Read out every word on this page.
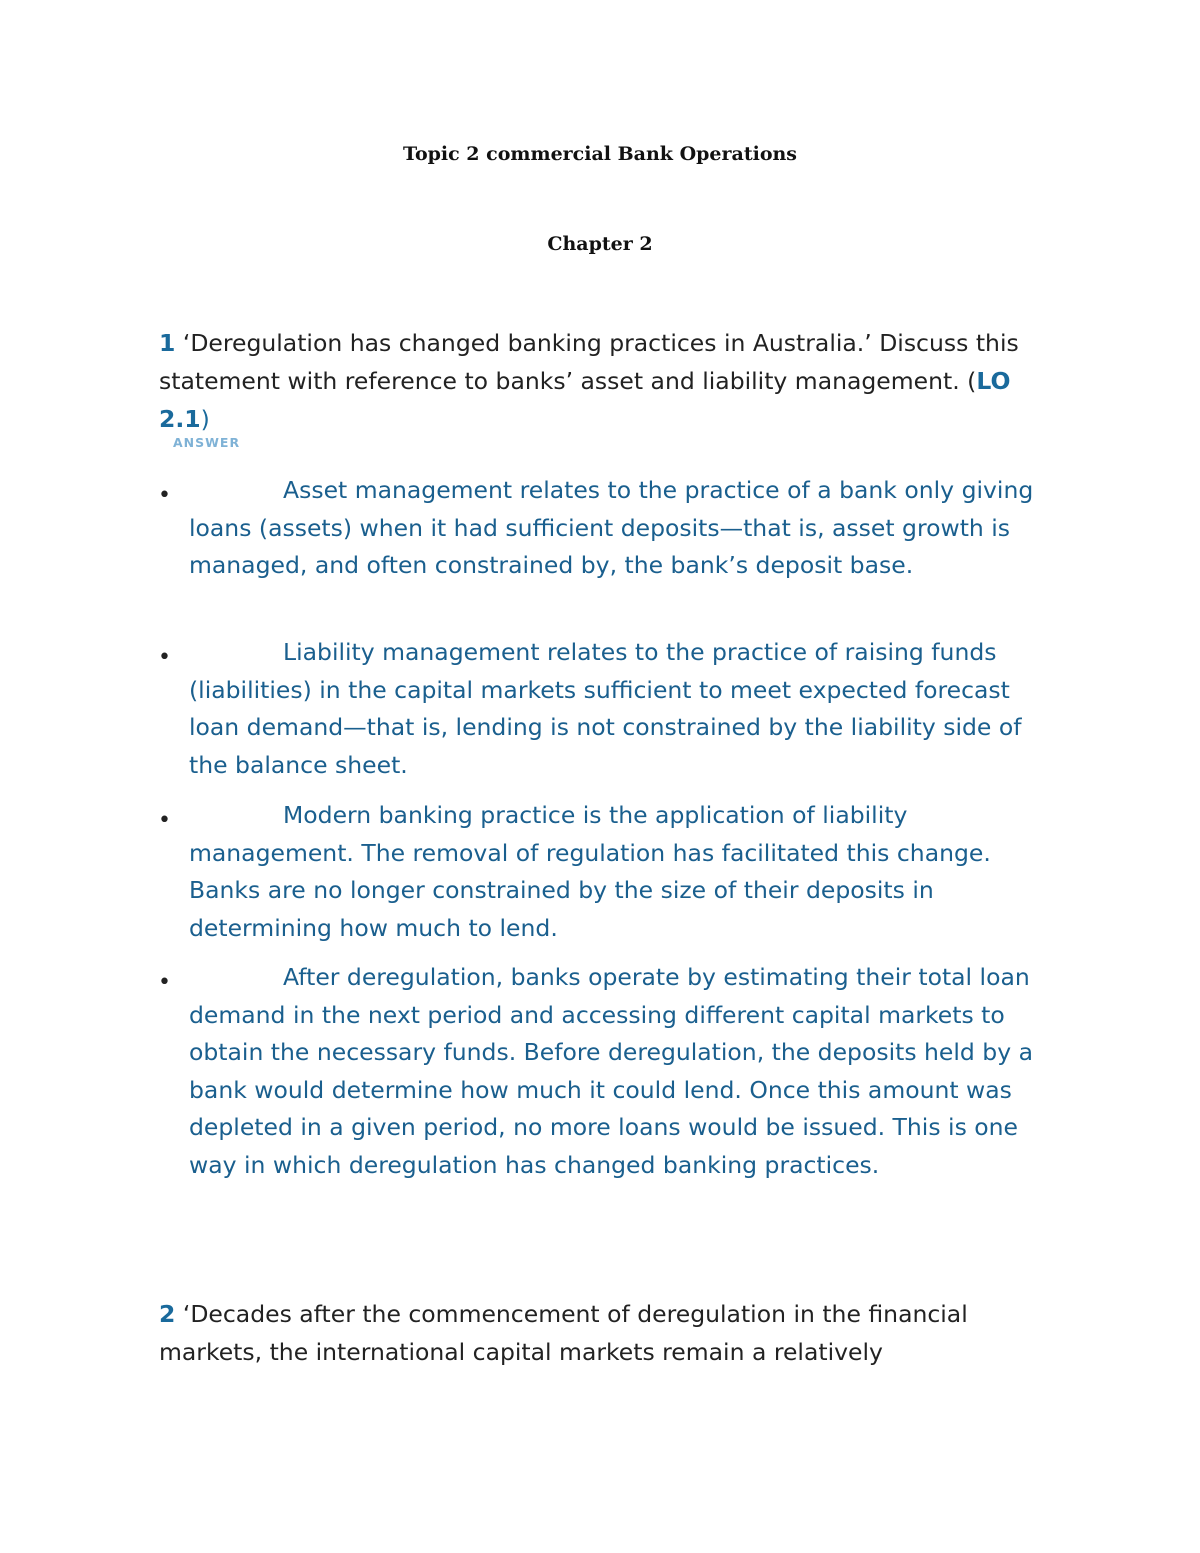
Topic 2 commercial Bank Operations
Chapter 2

1 ‘Deregulation has changed banking practices in Australia.’ Discuss this statement with reference to banks’ asset and liability management. (LO 2.1)

ANSWER

•	Asset management relates to the practice of a bank only giving loans (assets) when it had sufficient deposits—that is, asset growth is managed, and often constrained by, the bank’s deposit base.

•	Liability management relates to the practice of raising funds (liabilities) in the capital markets sufficient to meet expected forecast loan demand—that is, lending is not constrained by the liability side of the balance sheet.

•	Modern banking practice is the application of liability management. The removal of regulation has facilitated this change. Banks are no longer constrained by the size of their deposits in determining how much to lend.

•	After deregulation, banks operate by estimating their total loan demand in the next period and accessing different capital markets to obtain the necessary funds. Before deregulation, the deposits held by a bank would determine how much it could lend. Once this amount was depleted in a given period, no more loans would be issued. This is one way in which deregulation has changed banking practices.

2 ‘Decades after the commencement of deregulation in the financial markets, the international capital markets remain a relatively
